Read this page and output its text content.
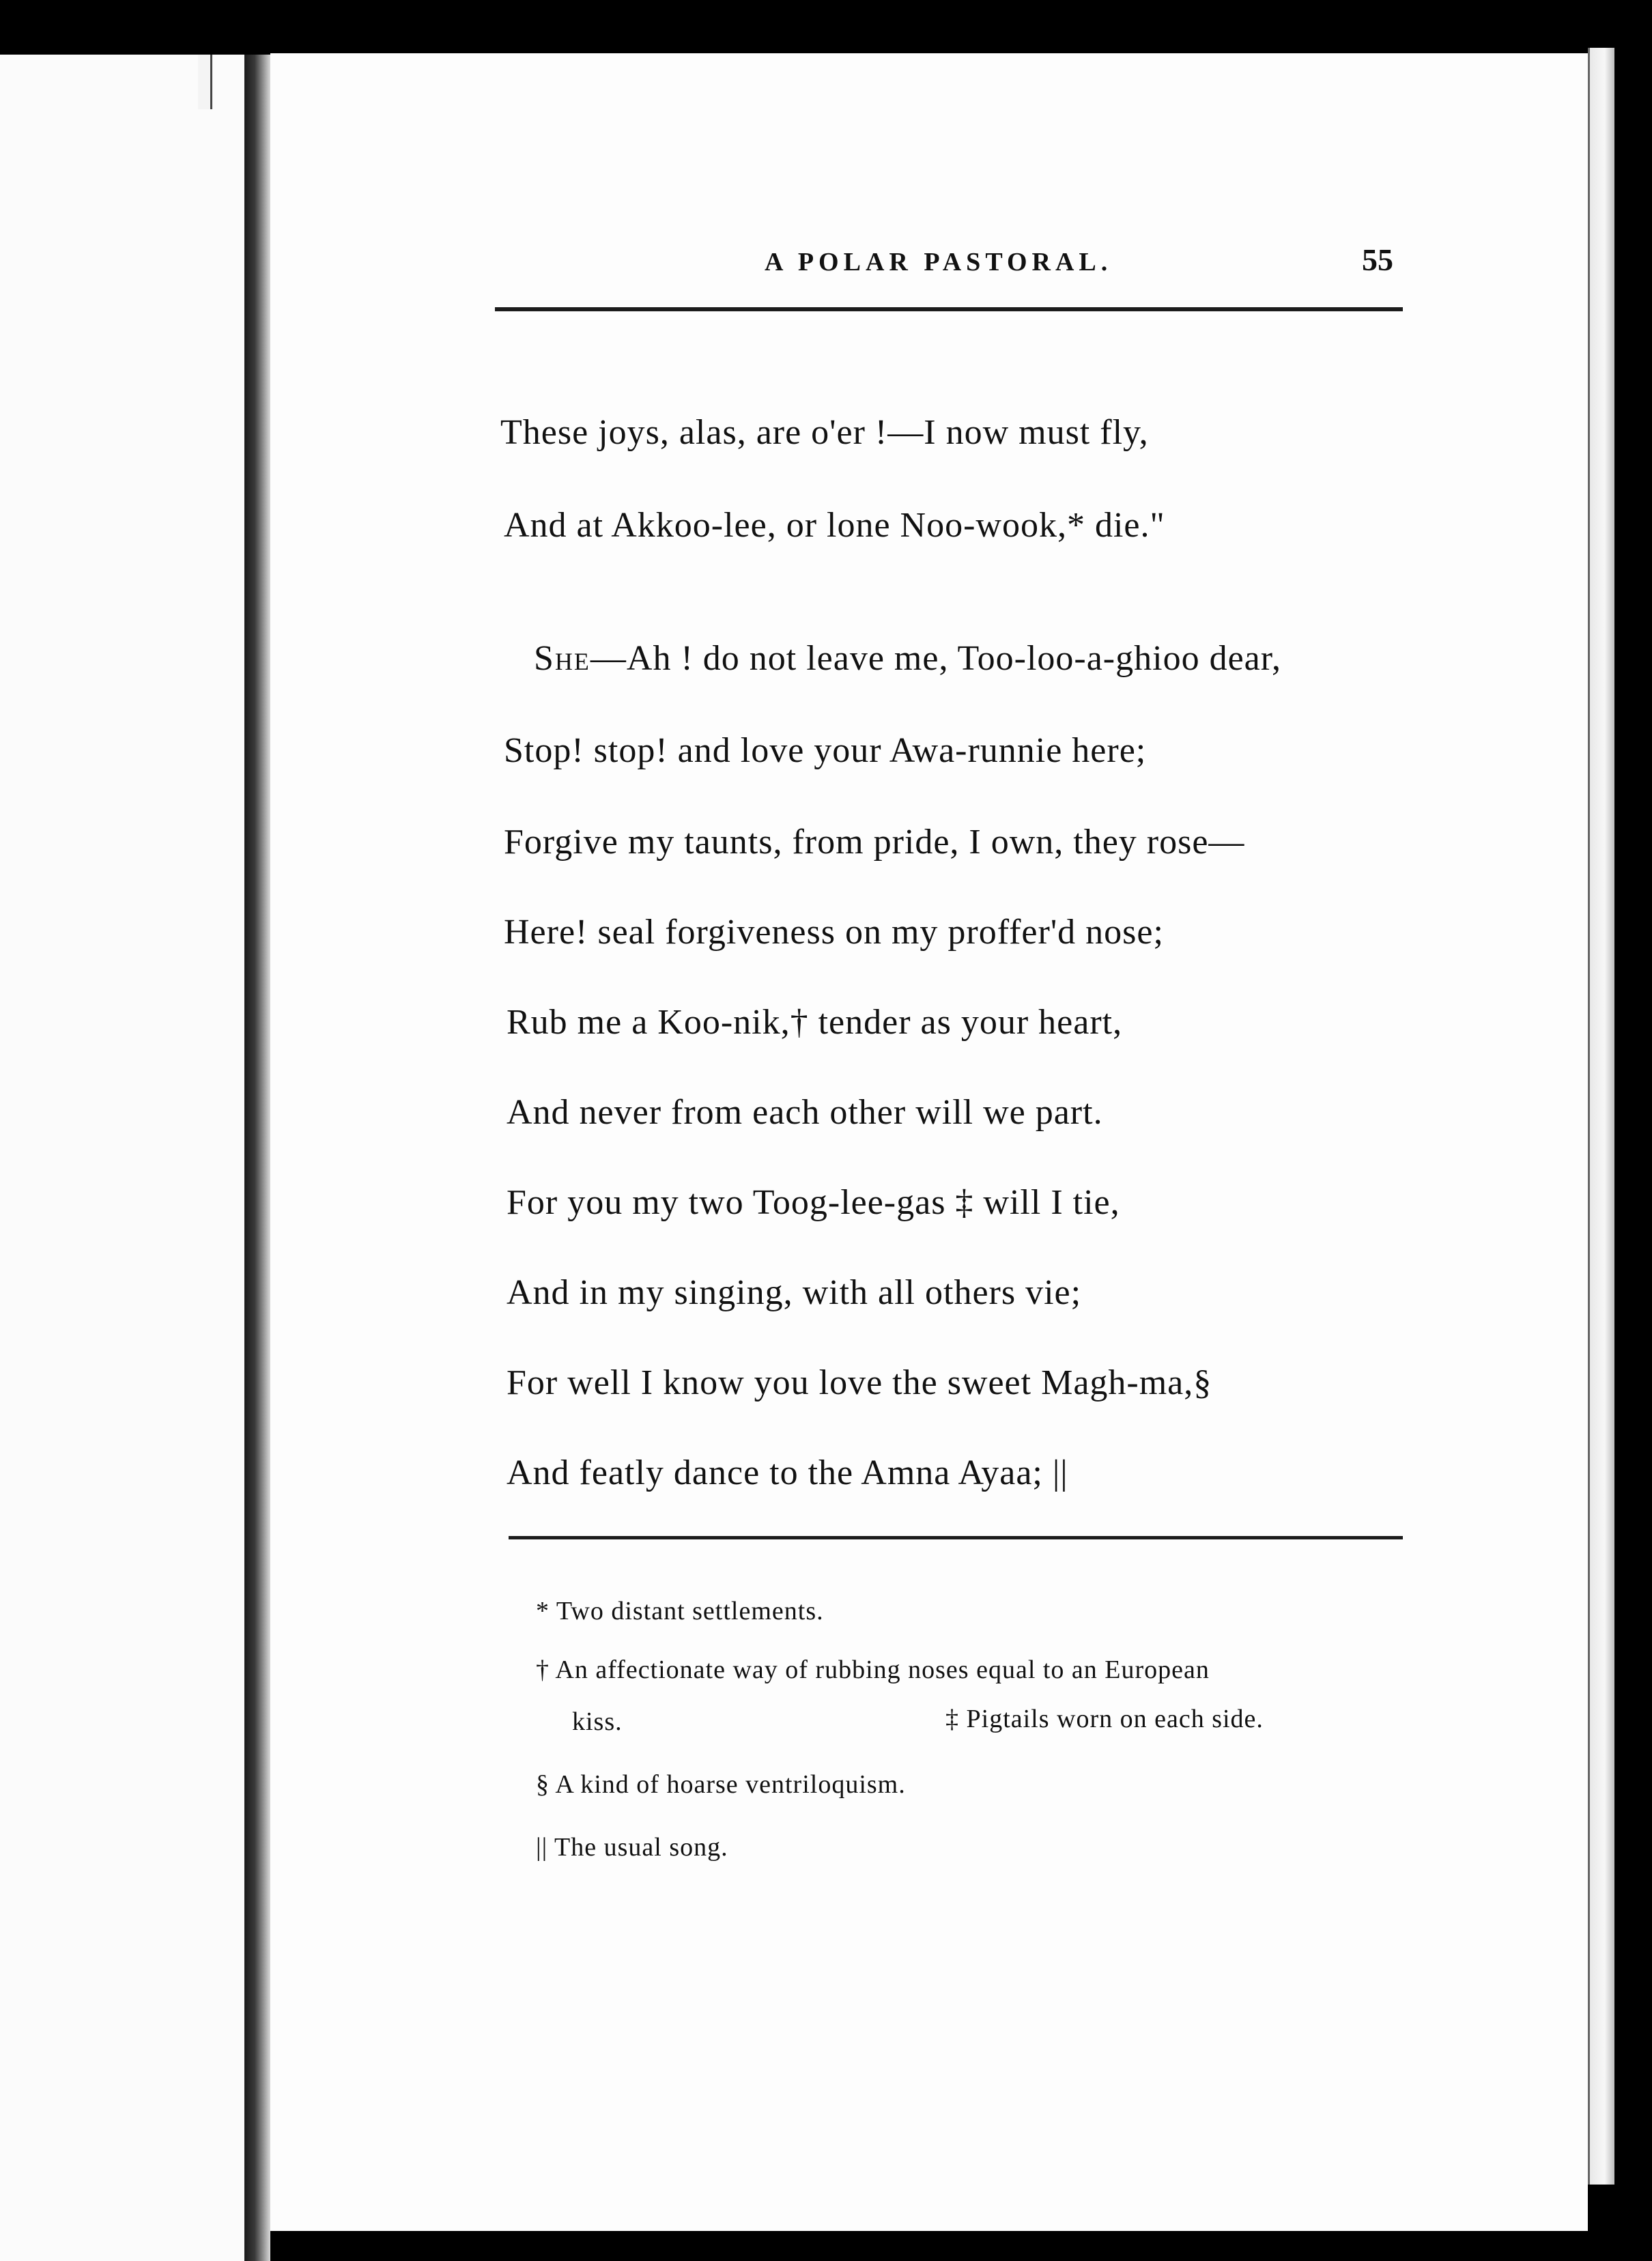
A POLAR PASTORAL.	55
These joys, alas, are o'er !—I now must fly,
And at Akkoo-lee, or lone Noo-wook,* die."
She—Ah ! do not leave me, Too-loo-a-ghioo dear,
Stop! stop! and love your Awa-runnie here;
Forgive my taunts, from pride, I own, they rose—
Here! seal forgiveness on my proffer'd nose;
Rub me a Koo-nik,† tender as your heart,
And never from each other will we part.
For you my two Toog-lee-gas ‡ will I tie,
And in my singing, with all others vie;
For well I know you love the sweet Magh-ma,§
And featly dance to the Amna Ayaa; ||
* Two distant settlements.
† An affectionate way of rubbing noses equal to an European
kiss.	‡ Pigtails worn on each side.
§ A kind of hoarse ventriloquism.
|| The usual song.
